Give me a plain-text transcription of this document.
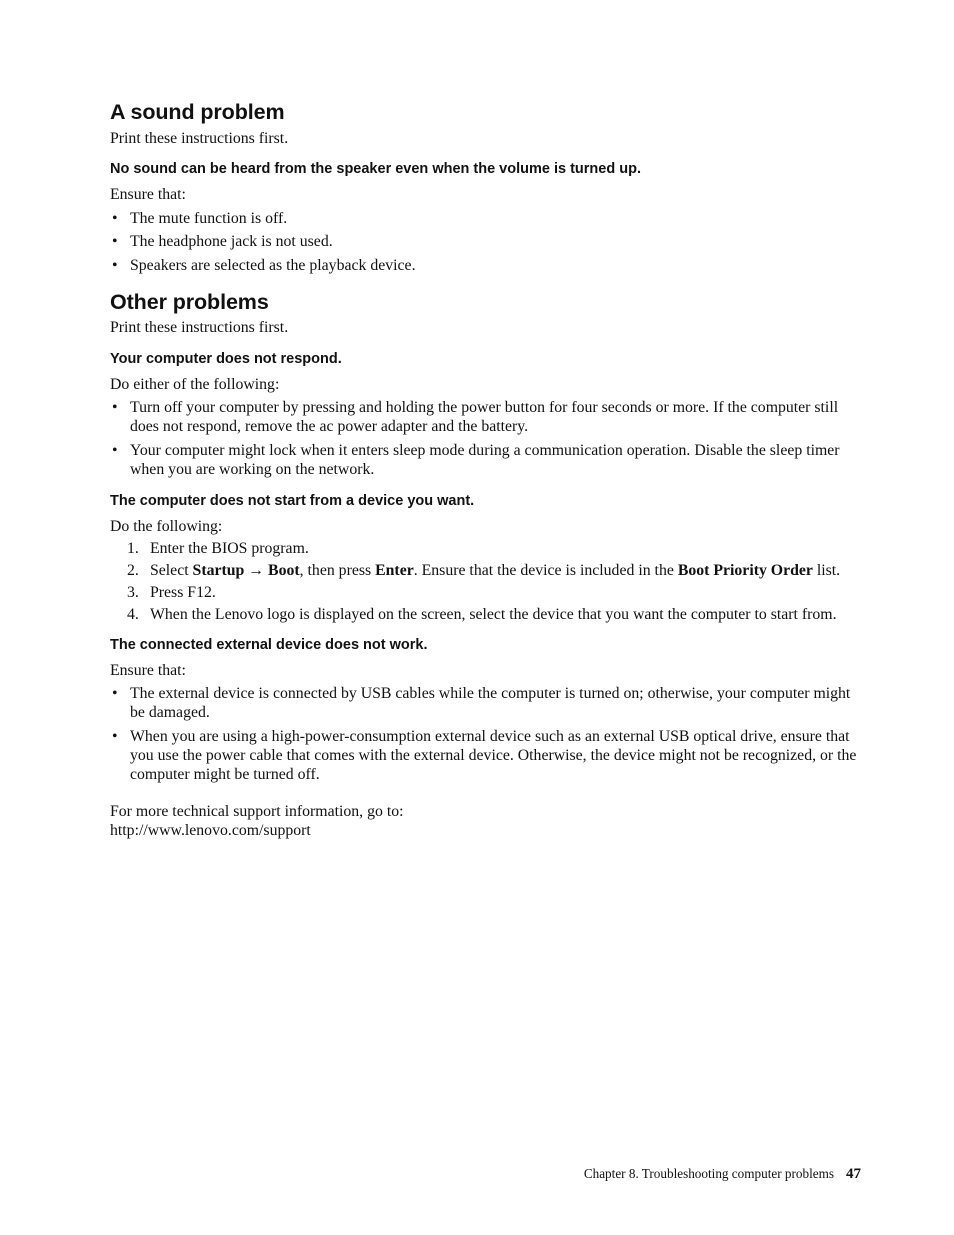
A sound problem

Print these instructions first.

No sound can be heard from the speaker even when the volume is turned up.

Ensure that:

• The mute function is off.
• The headphone jack is not used.
• Speakers are selected as the playback device.
Other problems

Print these instructions first.

Your computer does not respond.

Do either of the following:

• Turn off your computer by pressing and holding the power button for four seconds or more. If the computer still does not respond, remove the ac power adapter and the battery.
• Your computer might lock when it enters sleep mode during a communication operation. Disable the sleep timer when you are working on the network.

The computer does not start from a device you want.

Do the following:

1. Enter the BIOS program.
2. Select Startup → Boot, then press Enter. Ensure that the device is included in the Boot Priority Order list.
3. Press F12.
4. When the Lenovo logo is displayed on the screen, select the device that you want the computer to start from.

The connected external device does not work.

Ensure that:

• The external device is connected by USB cables while the computer is turned on; otherwise, your computer might be damaged.
• When you are using a high-power-consumption external device such as an external USB optical drive, ensure that you use the power cable that comes with the external device. Otherwise, the device might not be recognized, or the computer might be turned off.

For more technical support information, go to:

http://www.lenovo.com/support

Chapter 8. Troubleshooting computer problems 47
